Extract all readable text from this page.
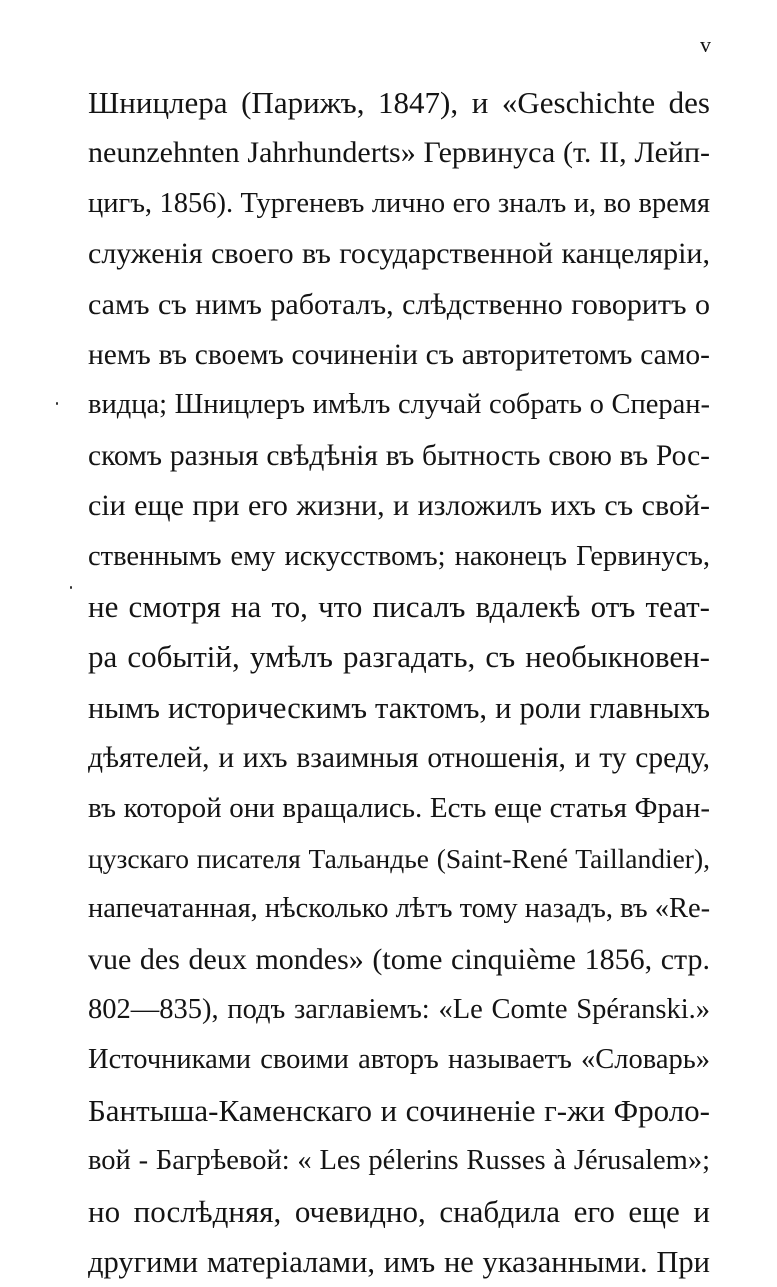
v
Шницлера (Парижъ, 1847), и «Geschichte des
neunzehnten Jahrhunderts» Гервинуса (т. II, Лейп-
цигъ, 1856). Тургеневъ лично его зналъ и, во время
служенія своего въ государственной канцеляріи,
самъ съ нимъ работалъ, слѣдственно говоритъ о
немъ въ своемъ сочиненіи съ авторитетомъ само-
видца; Шницлеръ имѣлъ случай собрать о Сперан-
скомъ разныя свѣдѣнія въ бытность свою въ Рос-
сіи еще при его жизни, и изложилъ ихъ съ свой-
ственнымъ ему искусствомъ; наконецъ Гервинусъ,
не смотря на то, что писалъ вдалекѣ отъ теат-
ра событій, умѣлъ разгадать, съ необыкновен-
нымъ историческимъ тактомъ, и роли главныхъ
дѣятелей, и ихъ взаимныя отношенія, и ту среду,
въ которой они вращались. Есть еще статья Фран-
цузскаго писателя Тальандье (Saint-René Taillandier),
напечатанная, нѣсколько лѣтъ тому назадъ, въ «Re-
vue des deux mondes» (tome cinquième 1856, стр.
802—835), подъ заглавіемъ: «Le Comte Spéranski.»
Источниками своими авторъ называетъ «Словарь»
Бантыша-Каменскаго и сочиненіе г-жи Фроло-
вой - Багрѣевой: « Les pélerins Russes à Jérusalem»;
но послѣдняя, очевидно, снабдила его еще и
другими матеріалами, имъ не указанными. При
